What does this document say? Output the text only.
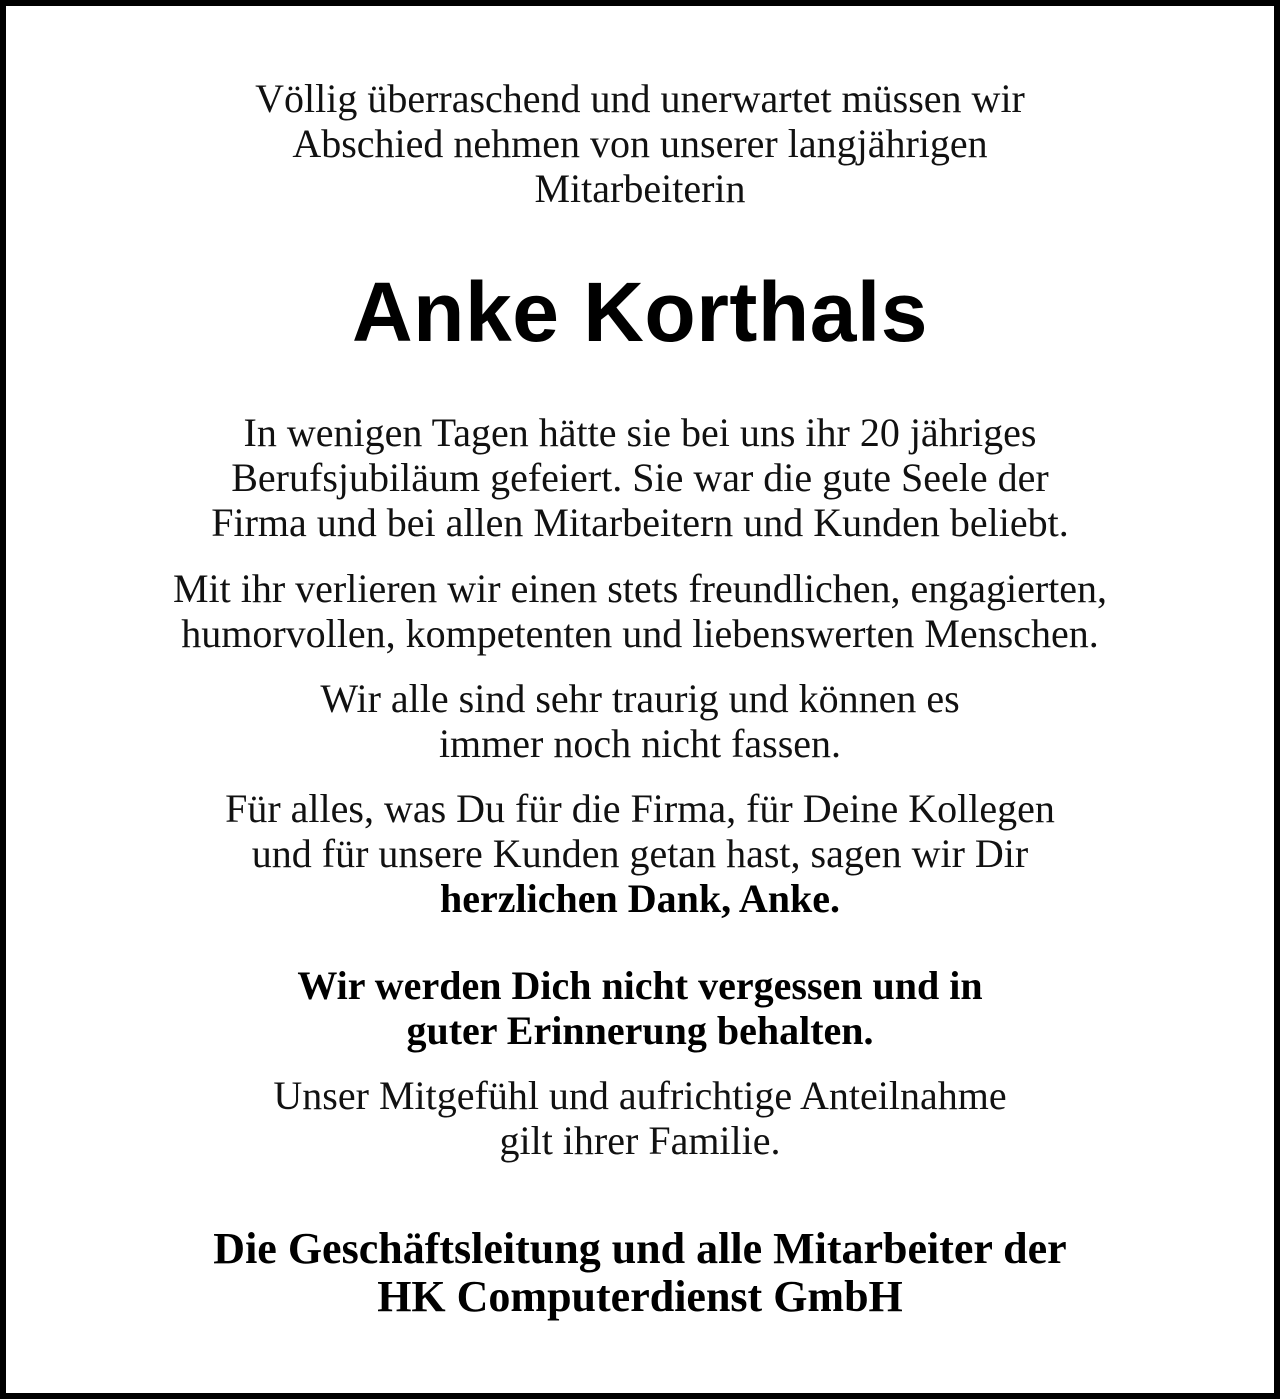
Völlig überraschend und unerwartet müssen wir
Abschied nehmen von unserer langjährigen
Mitarbeiterin
Anke Korthals
In wenigen Tagen hätte sie bei uns ihr 20 jähriges
Berufsjubiläum gefeiert. Sie war die gute Seele der
Firma und bei allen Mitarbeitern und Kunden beliebt.
Mit ihr verlieren wir einen stets freundlichen, engagierten,
humorvollen, kompetenten und liebenswerten Menschen.
Wir alle sind sehr traurig und können es
immer noch nicht fassen.
Für alles, was Du für die Firma, für Deine Kollegen
und für unsere Kunden getan hast, sagen wir Dir
herzlichen Dank, Anke.
Wir werden Dich nicht vergessen und in
guter Erinnerung behalten.
Unser Mitgefühl und aufrichtige Anteilnahme
gilt ihrer Familie.
Die Geschäftsleitung und alle Mitarbeiter der
HK Computerdienst GmbH
